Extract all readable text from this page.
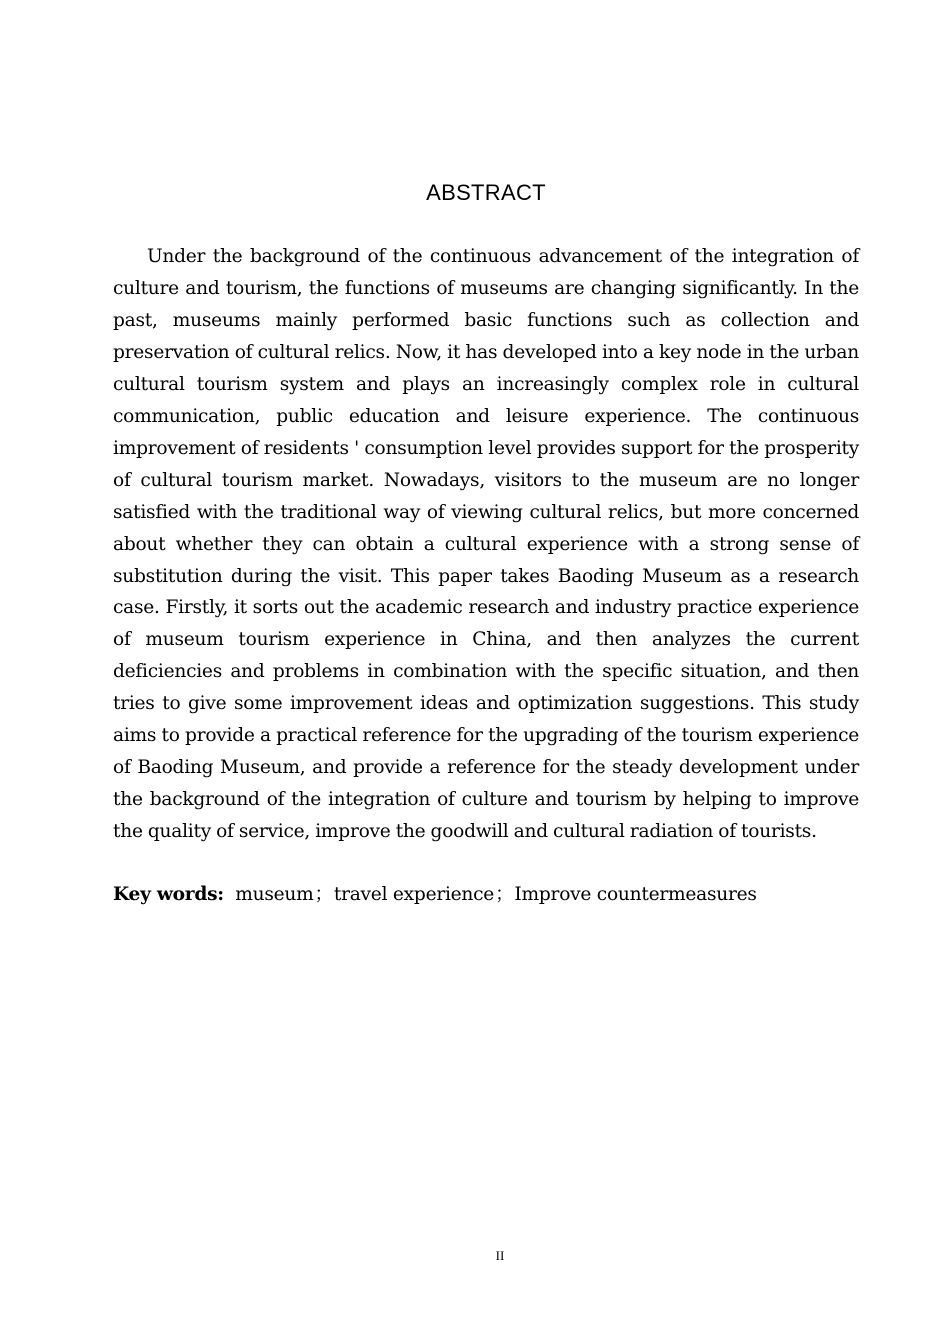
ABSTRACT

Under the background of the continuous advancement of the integration of culture and tourism, the functions of museums are changing significantly. In the past, museums mainly performed basic functions such as collection and preservation of cultural relics. Now, it has developed into a key node in the urban cultural tourism system and plays an increasingly complex role in cultural communication, public education and leisure experience. The continuous improvement of residents ' consumption level provides support for the prosperity of cultural tourism market. Nowadays, visitors to the museum are no longer satisfied with the traditional way of viewing cultural relics, but more concerned about whether they can obtain a cultural experience with a strong sense of substitution during the visit. This paper takes Baoding Museum as a research case. Firstly, it sorts out the academic research and industry practice experience of museum tourism experience in China, and then analyzes the current deficiencies and problems in combination with the specific situation, and then tries to give some improvement ideas and optimization suggestions. This study aims to provide a practical reference for the upgrading of the tourism experience of Baoding Museum, and provide a reference for the steady development under the background of the integration of culture and tourism by helping to improve the quality of service, improve the goodwill and cultural radiation of tourists.

Key words: museum；travel experience；Improve countermeasures
II
